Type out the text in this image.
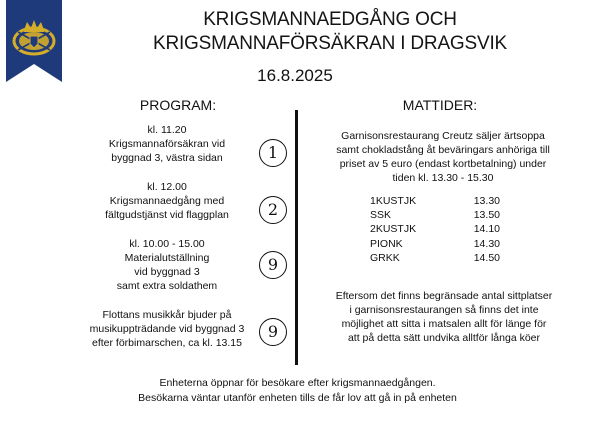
KRIGSMANNAEDGÅNG OCH
KRIGSMANNAFÖRSÄKRAN I DRAGSVIK
16.8.2025
PROGRAM:	MATTIDER:
kl. 11.20
Krigsmannaförsäkran vid
byggnad 3, västra sidan	1
kl. 12.00
Krigsmannaedgång med
fältgudstjänst vid flaggplan	2
kl. 10.00 - 15.00
Materialutställning
vid byggnad 3
samt extra soldathem
9
Flottans musikkår bjuder på
musikuppträdande vid byggnad 3
efter förbimarschen, ca kl. 13.15
9
Garnisonsrestaurang Creutz säljer ärtsoppa
samt chokladstång åt beväringars anhöriga till
priset av 5 euro (endast kortbetalning) under
tiden kl. 13.30 - 15.30
1KUSTJK	13.30
SSK	13.50
2KUSTJK	14.10
PIONK	14.30
GRKK	14.50
Eftersom det finns begränsade antal sittplatser
i garnisonsrestaurangen så finns det inte
möjlighet att sitta i matsalen allt för länge för
att på detta sätt undvika alltför långa köer
Enheterna öppnar för besökare efter krigsmannaedgången.
Besökarna väntar utanför enheten tills de får lov att gå in på enheten
